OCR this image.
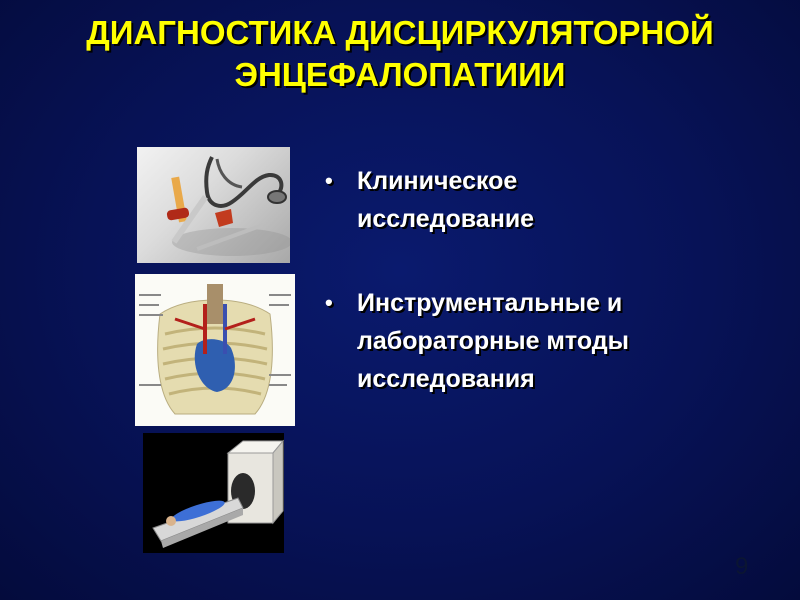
ДИАГНОСТИКА ДИСЦИРКУЛЯТОРНОЙ
ЭНЦЕФАЛОПАТИИИ
• Клиническое
исследование
• Инструментальные и
лабораторные мтоды
исследования
9
